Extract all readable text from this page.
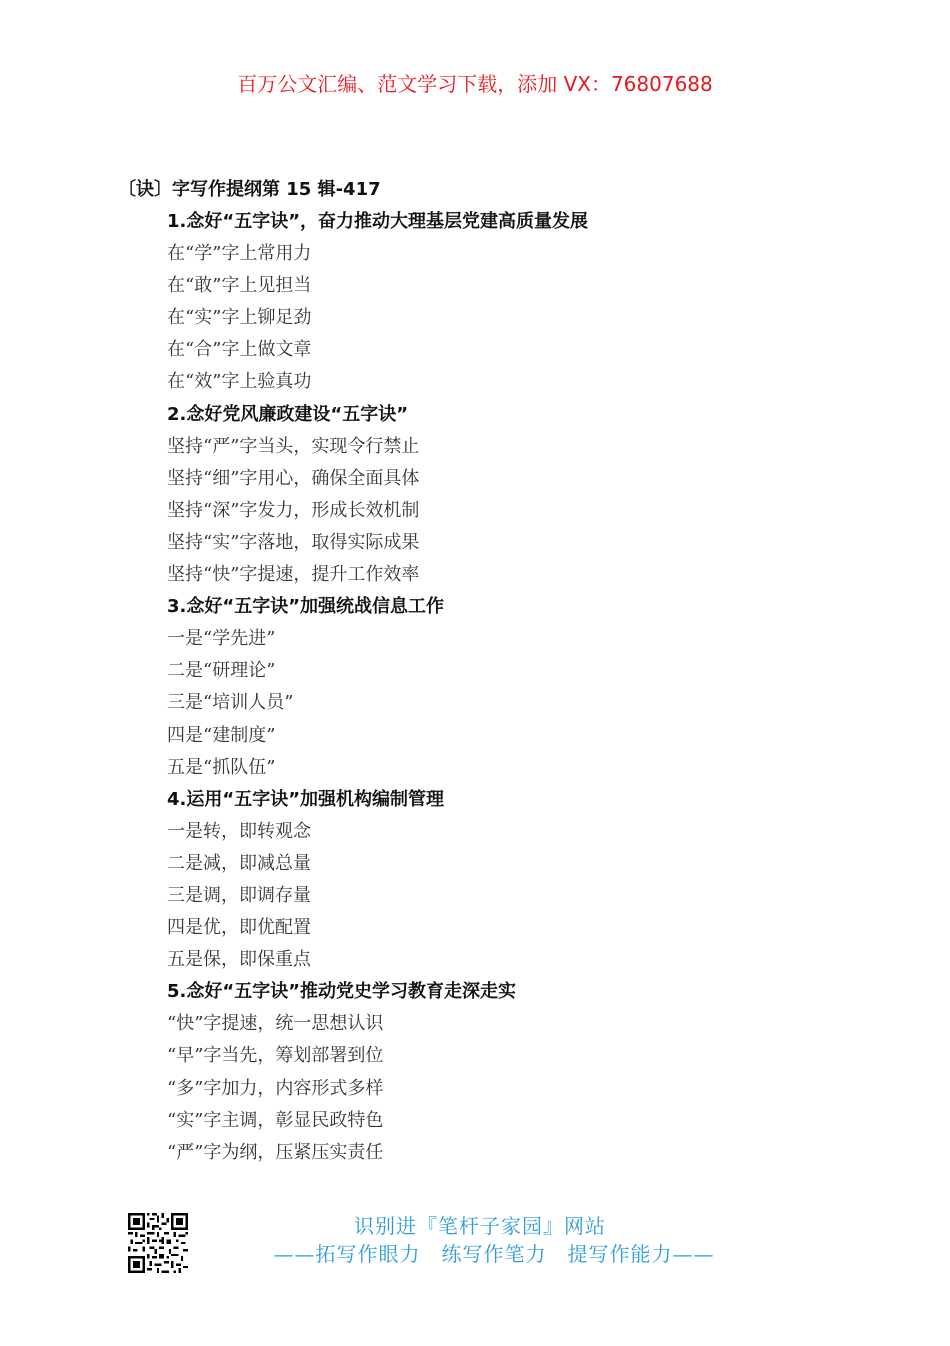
百万公文汇编、范文学习下载，添加 VX：76807688
〔诀〕字写作提纲第 15 辑-417
1.念好“五字诀”，奋力推动大理基层党建高质量发展
在“学”字上常用力
在“敢”字上见担当
在“实”字上铆足劲
在“合”字上做文章
在“效”字上验真功
2.念好党风廉政建设“五字诀”
坚持“严”字当头，实现令行禁止
坚持“细”字用心，确保全面具体
坚持“深”字发力，形成长效机制
坚持“实”字落地，取得实际成果
坚持“快”字提速，提升工作效率
3.念好“五字诀”加强统战信息工作
一是“学先进”
二是“研理论”
三是“培训人员”
四是“建制度”
五是“抓队伍”
4.运用“五字诀”加强机构编制管理
一是转，即转观念
二是减，即减总量
三是调，即调存量
四是优，即优配置
五是保，即保重点
5.念好“五字诀”推动党史学习教育走深走实
“快”字提速，统一思想认识
“早”字当先，筹划部署到位
“多”字加力，内容形式多样
“实”字主调，彰显民政特色
“严”字为纲，压紧压实责任
识别进『笔杆子家园』网站
——拓写作眼力　练写作笔力　提写作能力——
